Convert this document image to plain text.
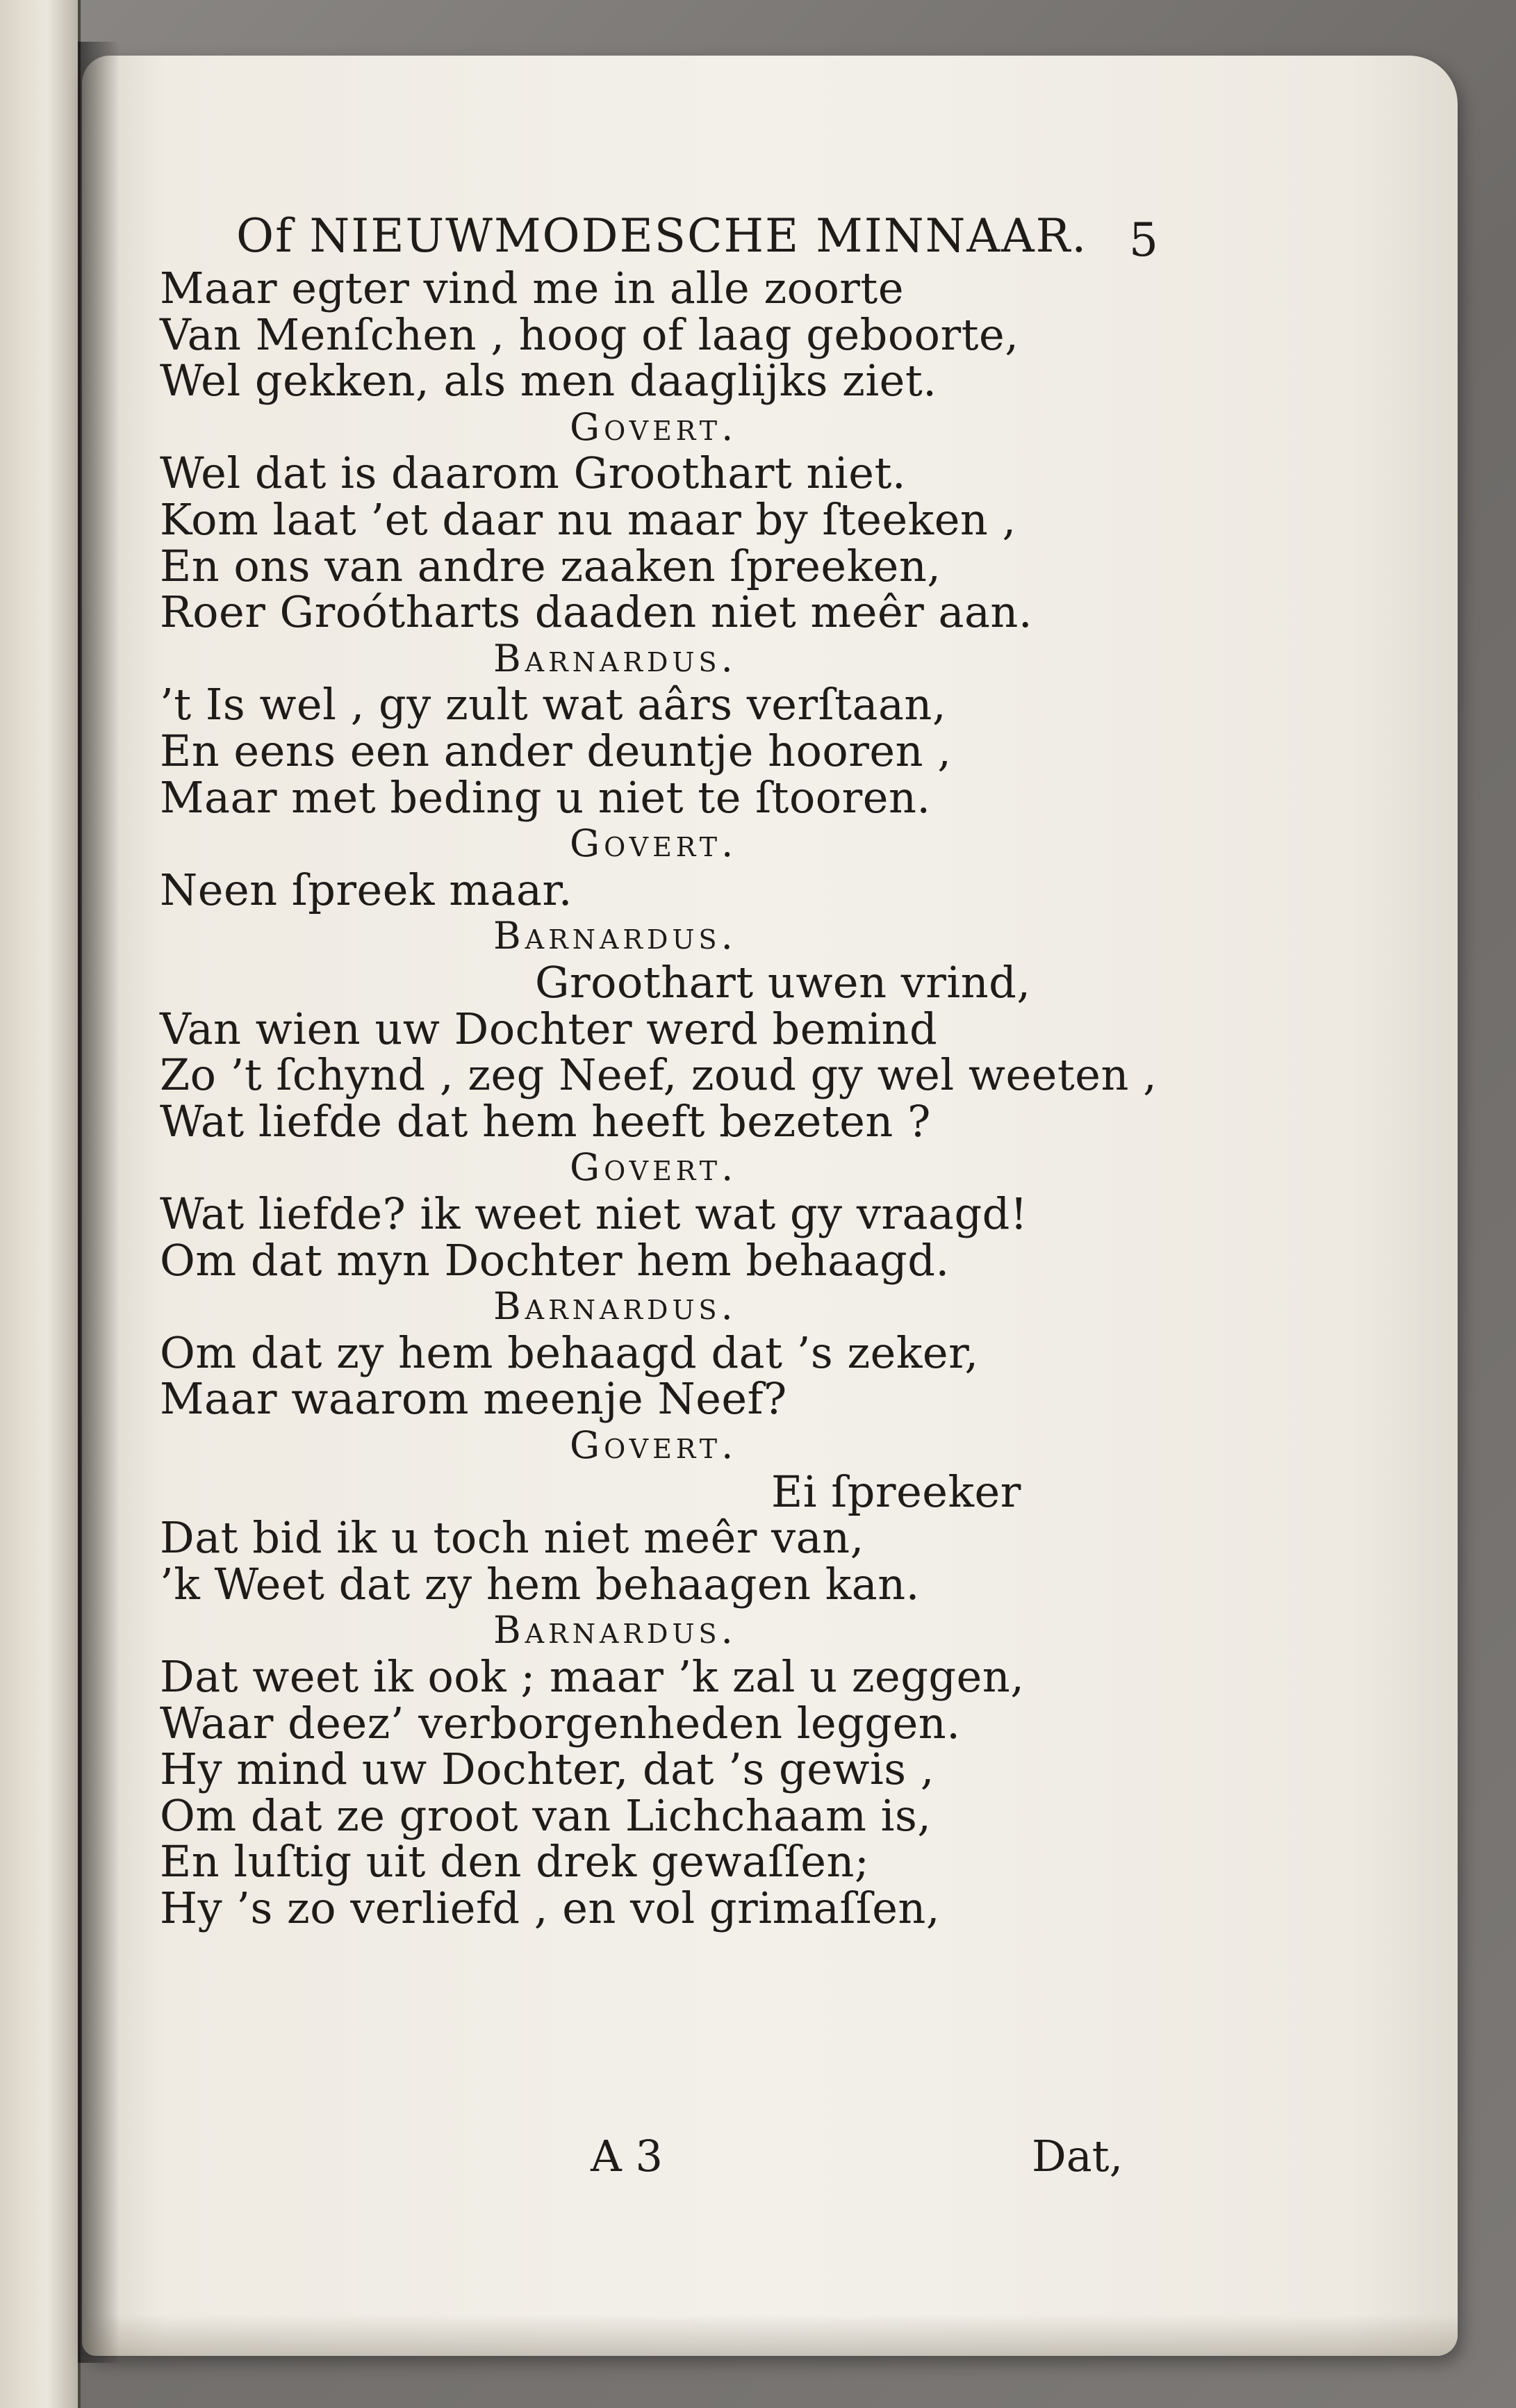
Of NIEUWMODESCHE MINNAAR. 5
Maar egter vind me in alle zoorte
Van Menſchen , hoog of laag geboorte,
Wel gekken, als men daaglijks ziet.
Govert.
Wel dat is daarom Groothart niet.
Kom laat ’et daar nu maar by ſteeken ,
En ons van andre zaaken ſpreeken,
Roer Groótharts daaden niet meêr aan.
Barnardus.
’t Is wel , gy zult wat aârs verſtaan,
En eens een ander deuntje hooren ,
Maar met beding u niet te ſtooren.
Govert.
Neen ſpreek maar.
Barnardus.
Groothart uwen vrind,
Van wien uw Dochter werd bemind
Zo ’t ſchynd , zeg Neef, zoud gy wel weeten ,
Wat liefde dat hem heeft bezeten ?
Govert.
Wat liefde? ik weet niet wat gy vraagd!
Om dat myn Dochter hem behaagd.
Barnardus.
Om dat zy hem behaagd dat ’s zeker,
Maar waarom meenje Neef?
Govert.
Ei ſpreeker
Dat bid ik u toch niet meêr van,
’k Weet dat zy hem behaagen kan.
Barnardus.
Dat weet ik ook ; maar ’k zal u zeggen,
Waar deez’ verborgenheden leggen.
Hy mind uw Dochter, dat ’s gewis ,
Om dat ze groot van Lichchaam is,
En luſtig uit den drek gewaſſen;
Hy ’s zo verliefd , en vol grimaſſen,
A 3	Dat,
